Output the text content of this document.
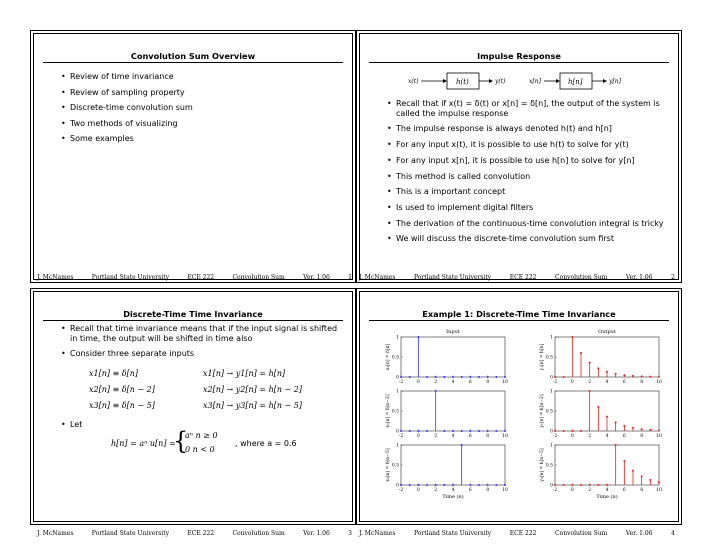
Convolution Sum Overview
• Review of time invariance
• Review of sampling property
• Discrete-time convolution sum
• Two methods of visualizing
• Some examples
Impulse Response
x(t)	h(t)	y(t)	x[n]	h[n]	y[n]
• Recall that if x(t) = δ(t) or x[n] = δ[n], the output of the system is called the impulse response
• The impulse response is always denoted h(t) and h[n]
• For any input x(t), it is possible to use h(t) to solve for y(t)
• For any input x[n], it is possible to use h[n] to solve for y[n]
• This method is called convolution
• This is a important concept
• Is used to implement digital filters
• The derivation of the continuous-time convolution integral is tricky
• We will discuss the discrete-time convolution sum first
Discrete-Time Time Invariance
• Recall that time invariance means that if the input signal is shifted in time, the output will be shifted in time also
• Consider three separate inputs
x1[n] ≡ δ[n]
x2[n] ≡ δ[n − 2]
x3[n] ≡ δ[n − 5]
x1[n] → y1[n] = h[n]
x2[n] → y2[n] = h[n − 2]
x3[n] → y3[n] = h[n − 5]
• Let
h[n] = aⁿ u[n] =
{
aⁿ n ≥ 0
0 n < 0
, where a = 0.6
Example 1: Discrete-Time Time Invariance
Input
-2	0	2	4	6	8	10
0
0.5
1
x₁[n] = δ[n]
-2	0	2	4	6	8	10
0
0.5
1
x₂[n] = δ[n−2]
-2	0	2	4	6	8	10
0
0.5
1
x₃[n] = δ[n−5]
Time (n)
Output
-2	0	2	4	6	8	10
0
0.5
1
y₁[n] = h[n]
-2	0	2	4	6	8	10
0
0.5
1
y₂[n] = h[n−2]
-2	0	2	4	6	8	10
0
0.5
1
y₃[n] = h[n−5]
Time (n)
J. McNames	Portland State University	ECE 222	Convolution Sum	Ver. 1.06	1 J. McNames	Portland State University	ECE 222	Convolution Sum	Ver. 1.06	2
J. McNames	Portland State University	ECE 222	Convolution Sum	Ver. 1.06	3 J. McNames	Portland State University	ECE 222	Convolution Sum	Ver. 1.06	4
